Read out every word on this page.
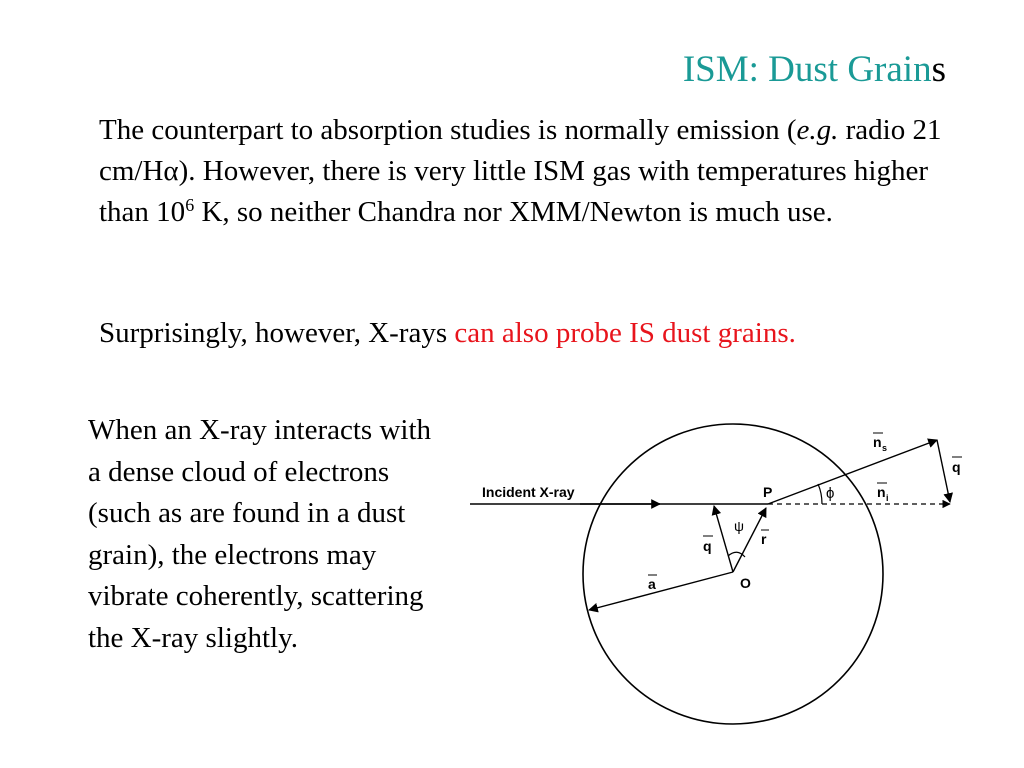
ISM: Dust Grains
The counterpart to absorption studies is normally emission (e.g. radio 21 cm/Hα). However, there is very little ISM gas with temperatures higher than $10^6$ K, so neither Chandra nor XMM/Newton is much use.
Surprisingly, however, X-rays can also probe IS dust grains.
When an X-ray interacts with a dense cloud of electrons (such as are found in a dust grain), the electrons may vibrate coherently, scattering the X-ray slightly.
Incident X-ray	P
O
ϕ
ψ
q	r
a
n s
n i
q
